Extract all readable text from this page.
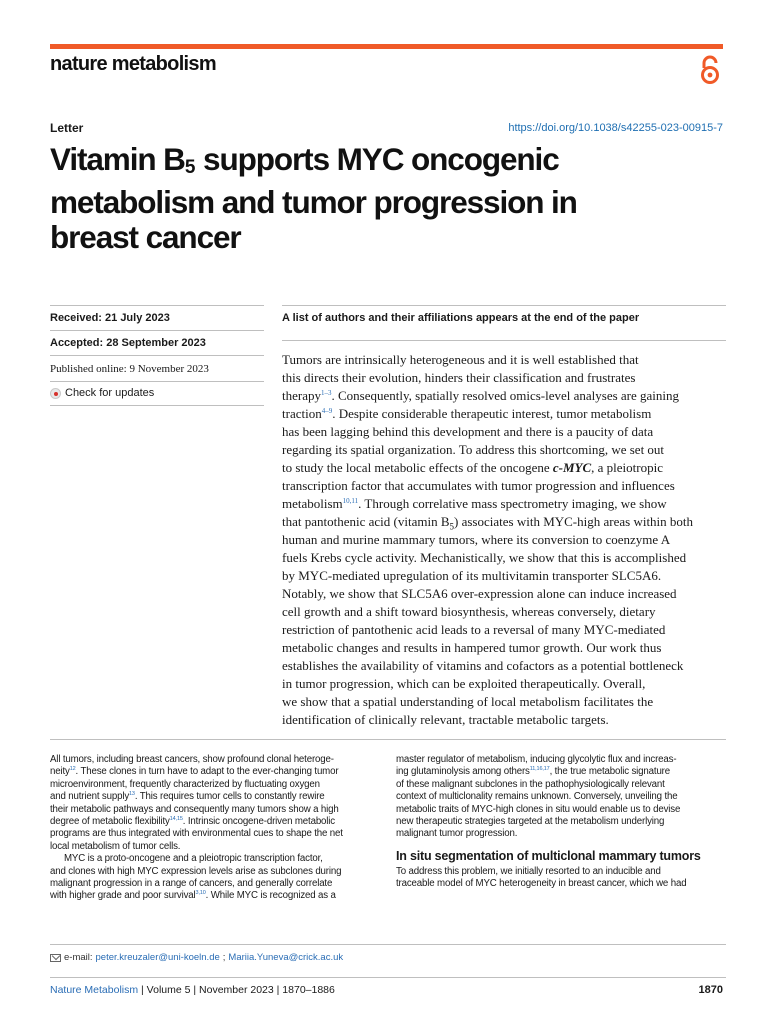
nature metabolism
Letter	https://doi.org/10.1038/s42255-023-00915-7
Vitamin $B_5$ supports MYC oncogenic
metabolism and tumor progression in
breast cancer
Received: 21 July 2023
Accepted: 28 September 2023
Published online: 9 November 2023
Check for updates
A list of authors and their affiliations appears at the end of the paper
Tumors are intrinsically heterogeneous and it is well established that
this directs their evolution, hinders their classification and frustrates
therapy$^{1-3}$. Consequently, spatially resolved omics-level analyses are gaining
traction$^{4-9}$. Despite considerable therapeutic interest, tumor metabolism
has been lagging behind this development and there is a paucity of data
regarding its spatial organization. To address this shortcoming, we set out
to study the local metabolic effects of the oncogene c-MYC, a pleiotropic
transcription factor that accumulates with tumor progression and influences
metabolism$^{10,11}$. Through correlative mass spectrometry imaging, we show
that pantothenic acid (vitamin $B_5$) associates with MYC-high areas within both
human and murine mammary tumors, where its conversion to coenzyme A
fuels Krebs cycle activity. Mechanistically, we show that this is accomplished
by MYC-mediated upregulation of its multivitamin transporter SLC5A6.
Notably, we show that SLC5A6 over-expression alone can induce increased
cell growth and a shift toward biosynthesis, whereas conversely, dietary
restriction of pantothenic acid leads to a reversal of many MYC-mediated
metabolic changes and results in hampered tumor growth. Our work thus
establishes the availability of vitamins and cofactors as a potential bottleneck
in tumor progression, which can be exploited therapeutically. Overall,
we show that a spatial understanding of local metabolism facilitates the
identification of clinically relevant, tractable metabolic targets.
All tumors, including breast cancers, show profound clonal heteroge-
neity$^{12}$. These clones in turn have to adapt to the ever-changing tumor
microenvironment, frequently characterized by fluctuating oxygen
and nutrient supply$^{13}$. This requires tumor cells to constantly rewire
their metabolic pathways and consequently many tumors show a high
degree of metabolic flexibility$^{14,15}$. Intrinsic oncogene-driven metabolic
programs are thus integrated with environmental cues to shape the net
local metabolism of tumor cells.
MYC is a proto-oncogene and a pleiotropic transcription factor,
and clones with high MYC expression levels arise as subclones during
malignant progression in a range of cancers, and generally correlate
with higher grade and poor survival$^{3,10}$. While MYC is recognized as a
master regulator of metabolism, inducing glycolytic flux and increas-
ing glutaminolysis among others$^{11,16,17}$, the true metabolic signature
of these malignant subclones in the pathophysiologically relevant
context of multiclonality remains unknown. Conversely, unveiling the
metabolic traits of MYC-high clones in situ would enable us to devise
new therapeutic strategies targeted at the metabolism underlying
malignant tumor progression.
In situ segmentation of multiclonal mammary tumors
To address this problem, we initially resorted to an inducible and
traceable model of MYC heterogeneity in breast cancer, which we had
e-mail: peter.kreuzaler@uni-koeln.de ; Mariia.Yuneva@crick.ac.uk
Nature Metabolism | Volume 5 | November 2023 | 1870–1886	1870
